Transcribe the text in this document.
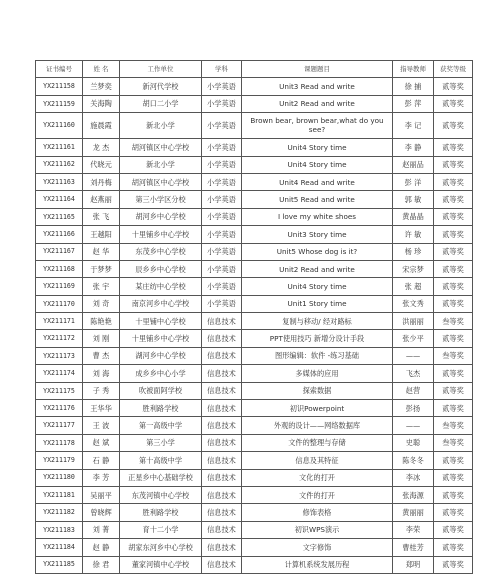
证书编号	姓 名	工作单位	学科	课题题目	指导教师	获奖等级
YX211158	兰梦奕	新河代学校	小学英语	Unit3 Read and write	徐 捕	贰等奖
YX211159	关海陶	胡口二小学	小学英语	Unit2 Read and write	彭 萍	贰等奖
YX211160	施晨霞	新北小学	小学英语	Brown bear, brown bear,what do you see?	李 记	贰等奖
YX211161	龙 杰	胡河镇区中心学校	小学英语	Unit4 Story time	李 静	贰等奖
YX211162	代晓元	新北小学	小学英语	Unit4 Story time	赵丽品	贰等奖
YX211163	刘丹梅	胡河镇区中心学校	小学英语	Unit4 Read and write	彭 洋	贰等奖
YX211164	赵燕丽	第三小学区分校	小学英语	Unit5 Read and write	郭 敏	贰等奖
YX211165	张 飞	胡河乡中心学校	小学英语	I love my white shoes	黄晶晶	贰等奖
YX211166	王越阳	十里铺乡中心学校	小学英语	Unit3 Story time	许 敏	贰等奖
YX211167	赵 华	东茂乡中心学校	小学英语	Unit5 Whose dog is it?	杨 珍	贰等奖
YX211168	于梦梦	辰乡乡中心学校	小学英语	Unit2 Read and write	宋宗梦	贰等奖
YX211169	张 宇	某庄纺中心学校	小学英语	Unit4 Story time	张 超	贰等奖
YX211170	刘 奇	南京河乡中心学校	小学英语	Unit1 Story time	张文秀	贰等奖
YX211171	陈艳艳	十里铺中心学校	信息技术	复制与移动/ 经对路标	洪丽丽	叁等奖
YX211172	刘 刚	十里铺乡中心学校	信息技术	PPT使用技巧 新增分设计手段	张少平	贰等奖
YX211173	曹 杰	湖河乡中心学校	信息技术	图形编辑：软件 -练习基础	——	叁等奖
YX211174	刘 海	成乡乡中心小学	信息技术	多媒体的应用	飞杰	贰等奖
YX211175	子 秀	吹被面阿学校	信息技术	探索数据	赵营	贰等奖
YX211176	王华华	胜利路学校	信息技术	初识Powerpoint	彭扬	贰等奖
YX211177	王 波	第一高级中学	信息技术	外观的设计——网络数据库	——	叁等奖
YX211178	赵 斌	第三小学	信息技术	文件的整理与存储	史聪	叁等奖
YX211179	石 静	第十高级中学	信息技术	信息及其特征	陈冬冬	贰等奖
YX211180	李 芳	正星乡中心基础学校	信息技术	文化的打开	李冰	贰等奖
YX211181	吴丽平	东茂河镇中心学校	信息技术	文件的打开	张海源	贰等奖
YX211182	曾晓辉	胜利路学校	信息技术	修饰表格	黄丽丽	贰等奖
YX211183	刘 菁	育十二小学	信息技术	初识WPS演示	李荣	贰等奖
YX211184	赵 静	胡家东河乡中心学校	信息技术	文字修饰	曹桂芳	贰等奖
YX211185	徐 君	董家河镇中心学校	信息技术	计算机系统发展历程	郑明	贰等奖
